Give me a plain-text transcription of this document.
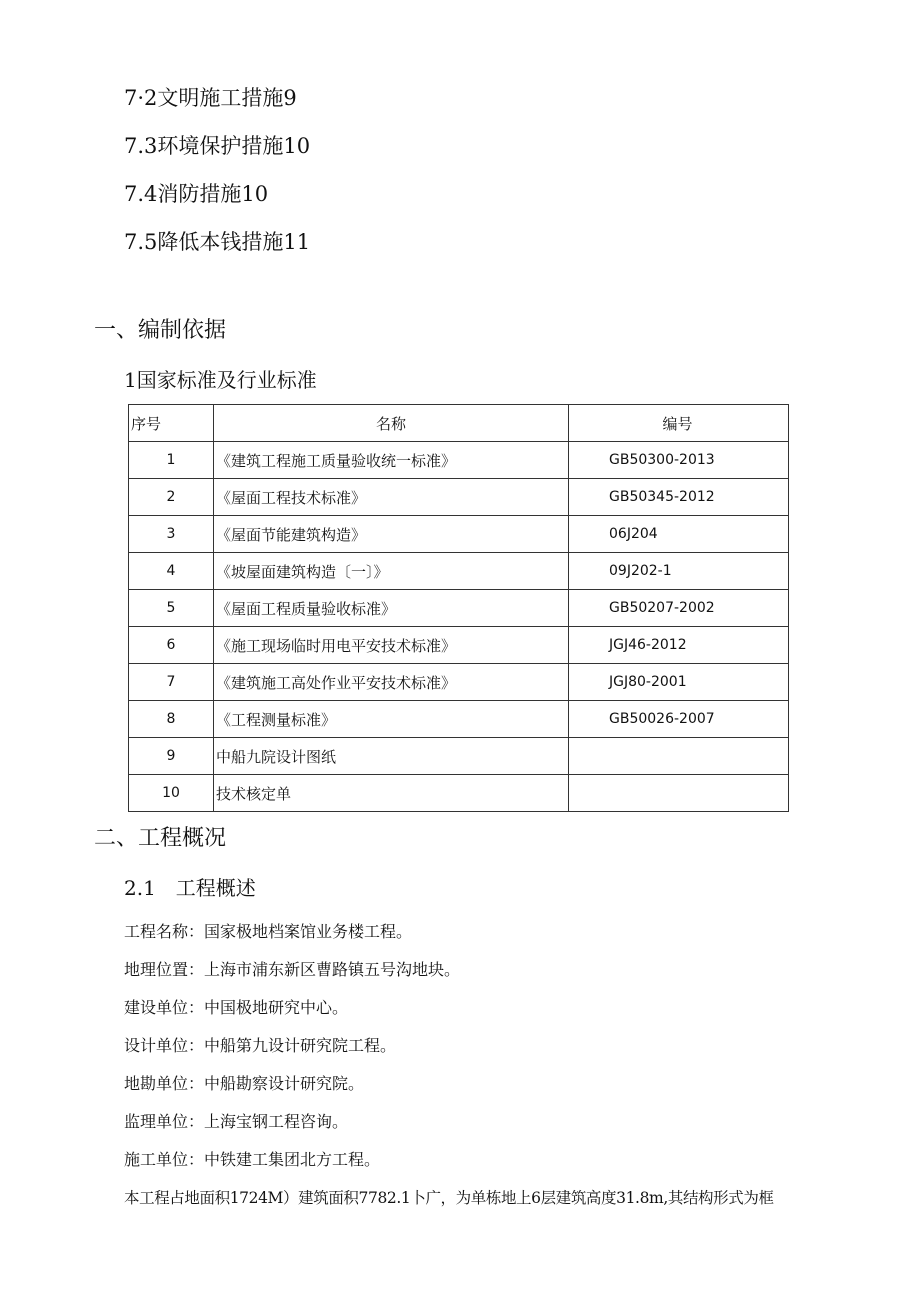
7·2文明施工措施9
7.3环境保护措施10
7.4消防措施10
7.5降低本钱措施11
一、编制依据
1国家标准及行业标准
序号	名称	编号
1	《建筑工程施工质量验收统一标准》	GB50300-2013
2	《屋面工程技术标准》	GB50345-2012
3	《屋面节能建筑构造》	06J204
4	《坡屋面建筑构造〔一〕》	09J202-1
5	《屋面工程质量验收标准》	GB50207-2002
6	《施工现场临时用电平安技术标准》	JGJ46-2012
7	《建筑施工高处作业平安技术标准》	JGJ80-2001
8	《工程测量标准》	GB50026-2007
9	中船九院设计图纸	
10	技术核定单	
二、工程概况
2.1　工程概述
工程名称：国家极地档案馆业务楼工程。
地理位置：上海市浦东新区曹路镇五号沟地块。
建设单位：中国极地研究中心。
设计单位：中船第九设计研究院工程。
地勘单位：中船勘察设计研究院。
监理单位：上海宝钢工程咨询。
施工单位：中铁建工集团北方工程。
本工程占地面积1724M）建筑面积7782.1卜广，为单栋地上6层建筑高度31.8m,其结构形式为框
